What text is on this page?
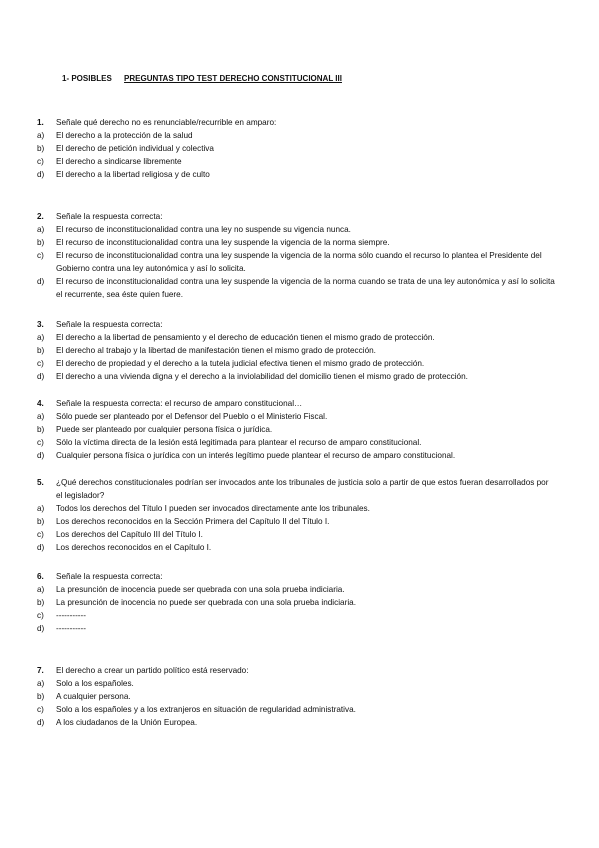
1- POSIBLES PREGUNTAS TIPO TEST DERECHO CONSTITUCIONAL III
1.	Señale qué derecho no es renunciable/recurrible en amparo:
a)	El derecho a la protección de la salud
b)	El derecho de petición individual y colectiva
c)	El derecho a sindicarse libremente
d)	El derecho a la libertad religiosa y de culto
2.	Señale la respuesta correcta:
a)	El recurso de inconstitucionalidad contra una ley no suspende su vigencia nunca.
b)	El recurso de inconstitucionalidad contra una ley suspende la vigencia de la norma siempre.
c)	El recurso de inconstitucionalidad contra una ley suspende la vigencia de la norma sólo cuando el recurso lo plantea el Presidente del Gobierno contra una ley autonómica y así lo solicita.
d)	El recurso de inconstitucionalidad contra una ley suspende la vigencia de la norma cuando se trata de una ley autonómica y así lo solicita el recurrente, sea éste quien fuere.
3.	Señale la respuesta correcta:
a)	El derecho a la libertad de pensamiento y el derecho de educación tienen el mismo grado de protección.
b)	El derecho al trabajo y la libertad de manifestación tienen el mismo grado de protección.
c)	El derecho de propiedad y el derecho a la tutela judicial efectiva tienen el mismo grado de protección.
d)	El derecho a una vivienda digna y el derecho a la inviolabilidad del domicilio tienen el mismo grado de protección.
4.	Señale la respuesta correcta: el recurso de amparo constitucional…
a)	Sólo puede ser planteado por el Defensor del Pueblo o el Ministerio Fiscal.
b)	Puede ser planteado por cualquier persona física o jurídica.
c)	Sólo la víctima directa de la lesión está legitimada para plantear el recurso de amparo constitucional.
d)	Cualquier persona física o jurídica con un interés legítimo puede plantear el recurso de amparo constitucional.
5.	¿Qué derechos constitucionales podrían ser invocados ante los tribunales de justicia solo a partir de que estos fueran desarrollados por el legislador?
a)	Todos los derechos del Título I pueden ser invocados directamente ante los tribunales.
b)	Los derechos reconocidos en la Sección Primera del Capítulo II del Título I.
c)	Los derechos del Capítulo III del Título I.
d)	Los derechos reconocidos en el Capítulo I.
6.	Señale la respuesta correcta:
a)	La presunción de inocencia puede ser quebrada con una sola prueba indiciaria.
b)	La presunción de inocencia no puede ser quebrada con una sola prueba indiciaria.
c)	-----------
d)	-----------
7.	El derecho a crear un partido político está reservado:
a)	Solo a los españoles.
b)	A cualquier persona.
c)	Solo a los españoles y a los extranjeros en situación de regularidad administrativa.
d)	A los ciudadanos de la Unión Europea.
